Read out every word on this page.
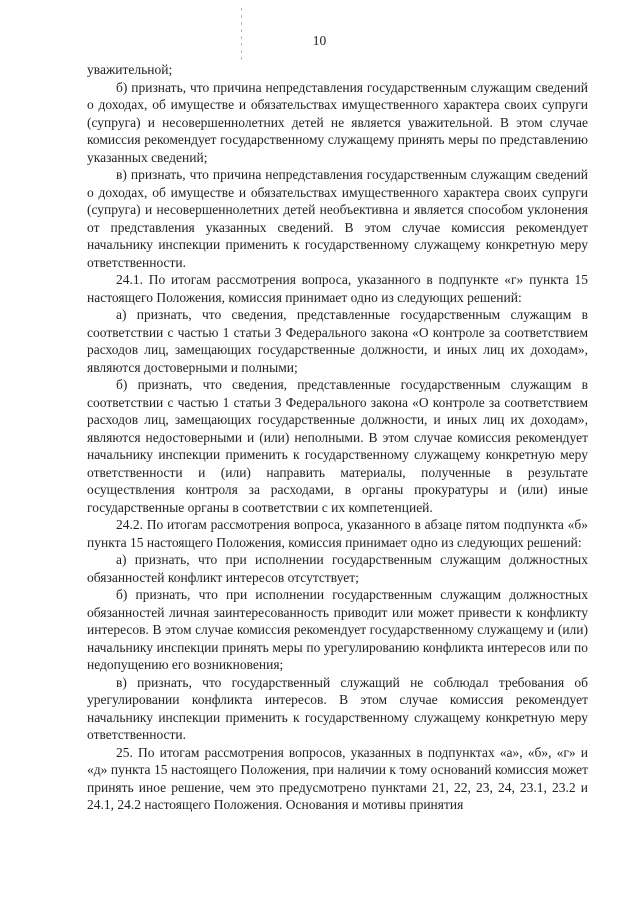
10

уважительной;

б) признать, что причина непредставления государственным служащим сведений о доходах, об имуществе и обязательствах имущественного характера своих супруги (супруга) и несовершеннолетних детей не является уважительной. В этом случае комиссия рекомендует государственному служащему принять меры по представлению указанных сведений;

в) признать, что причина непредставления государственным служащим сведений о доходах, об имуществе и обязательствах имущественного характера своих супруги (супруга) и несовершеннолетних детей необъективна и является способом уклонения от представления указанных сведений. В этом случае комиссия рекомендует начальнику инспекции применить к государственному служащему конкретную меру ответственности.

24.1. По итогам рассмотрения вопроса, указанного в подпункте «г» пункта 15 настоящего Положения, комиссия принимает одно из следующих решений:

а) признать, что сведения, представленные государственным служащим в соответствии с частью 1 статьи 3 Федерального закона «О контроле за соответствием расходов лиц, замещающих государственные должности, и иных лиц их доходам», являются достоверными и полными;

б) признать, что сведения, представленные государственным служащим в соответствии с частью 1 статьи 3 Федерального закона «О контроле за соответствием расходов лиц, замещающих государственные должности, и иных лиц их доходам», являются недостоверными и (или) неполными. В этом случае комиссия рекомендует начальнику инспекции применить к государственному служащему конкретную меру ответственности и (или) направить материалы, полученные в результате осуществления контроля за расходами, в органы прокуратуры и (или) иные государственные органы в соответствии с их компетенцией.

24.2. По итогам рассмотрения вопроса, указанного в абзаце пятом подпункта «б» пункта 15 настоящего Положения, комиссия принимает одно из следующих решений:

а) признать, что при исполнении государственным служащим должностных обязанностей конфликт интересов отсутствует;

б) признать, что при исполнении государственным служащим должностных обязанностей личная заинтересованность приводит или может привести к конфликту интересов. В этом случае комиссия рекомендует государственному служащему и (или) начальнику инспекции принять меры по урегулированию конфликта интересов или по недопущению его возникновения;

в) признать, что государственный служащий не соблюдал требования об урегулировании конфликта интересов. В этом случае комиссия рекомендует начальнику инспекции применить к государственному служащему конкретную меру ответственности.

25. По итогам рассмотрения вопросов, указанных в подпунктах «а», «б», «г» и «д» пункта 15 настоящего Положения, при наличии к тому оснований комиссия может принять иное решение, чем это предусмотрено пунктами 21, 22, 23, 24, 23.1, 23.2 и 24.1, 24.2 настоящего Положения. Основания и мотивы принятия
